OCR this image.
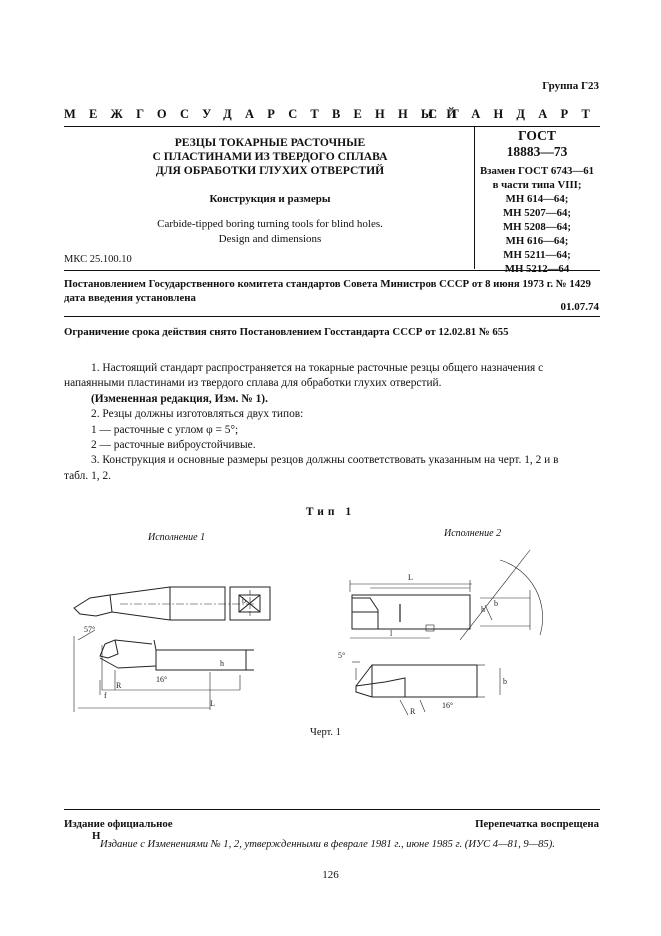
Группа Г23
МЕЖГОСУДАРСТВЕННЫЙ
СТАНДАРТ
РЕЗЦЫ ТОКАРНЫЕ РАСТОЧНЫЕ
С ПЛАСТИНАМИ ИЗ ТВЕРДОГО СПЛАВА
ДЛЯ ОБРАБОТКИ ГЛУХИХ ОТВЕРСТИЙ
Конструкция и размеры
Carbide-tipped boring turning tools for blind holes.
Design and dimensions
МКС 25.100.10
ГОСТ
18883—73
Взамен ГОСТ 6743—61
в части типа VIII;
МН 614—64;
МН 5207—64;
МН 5208—64;
МН 616—64;
МН 5211—64;
МН 5212—64
Постановлением Государственного комитета стандартов Совета Министров СССР от 8 июня 1973 г. № 1429
дата введения установлена
01.07.74
Ограничение срока действия снято Постановлением Госстандарта СССР от 12.02.81 № 655
1. Настоящий стандарт распространяется на токарные расточные резцы общего назначения с
напаянными пластинами из твердого сплава для обработки глухих отверстий.
(Измененная редакция, Изм. № 1).
2. Резцы должны изготовляться двух типов:
1 — расточные с углом φ = 5°;
2 — расточные виброустойчивые.
3. Конструкция и основные размеры резцов должны соответствовать указанным на черт. 1, 2 и в
табл. 1, 2.
Тип 1
Исполнение 1	Исполнение 2
57°
b
L
16°
R
f
h
L
l
h
b
5°
b
16°
R
Черт. 1
Издание официальное
Н
Перепечатка воспрещена
Издание с Изменениями № 1, 2, утвержденными в феврале 1981 г., июне 1985 г. (ИУС 4—81, 9—85).
126
